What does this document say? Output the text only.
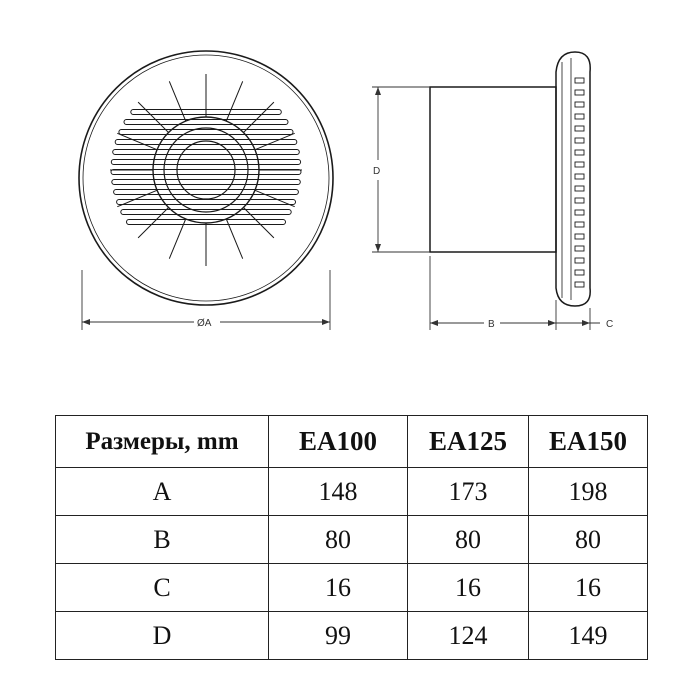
ØA
D
B	C
Размеры, mm	EA100	EA125	EA150
A	148	173	198
B	80	80	80
C	16	16	16
D	99	124	149
